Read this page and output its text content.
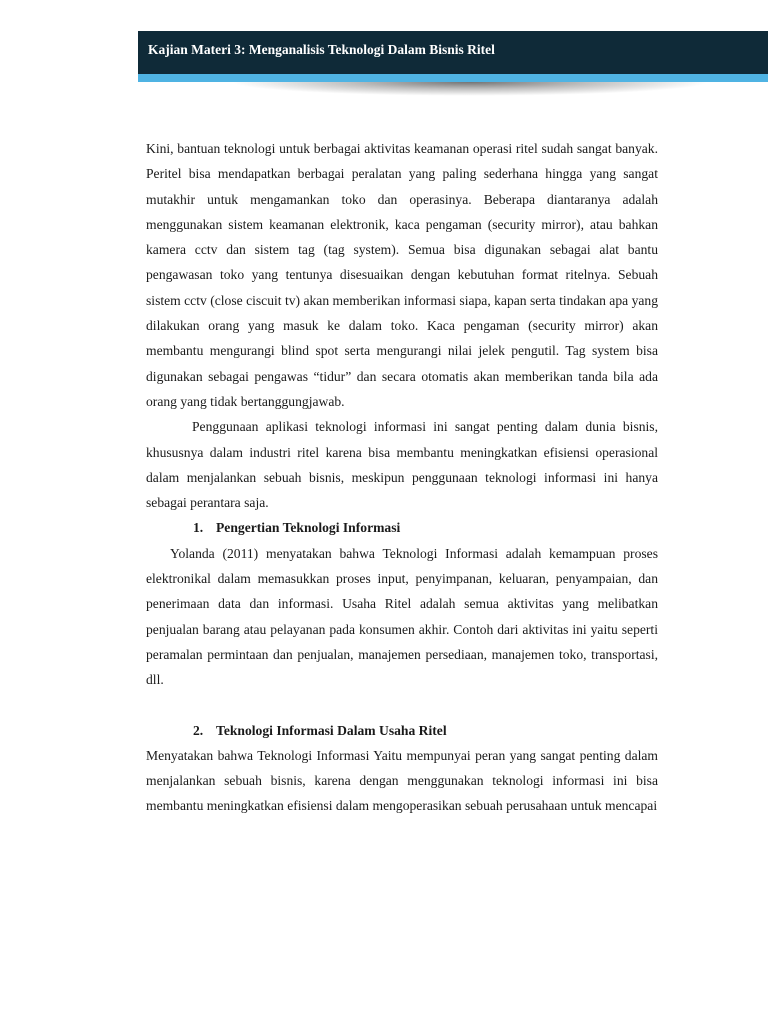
Kajian Materi 3: Menganalisis Teknologi Dalam Bisnis Ritel

Kini, bantuan teknologi untuk berbagai aktivitas keamanan operasi ritel sudah sangat banyak. Peritel bisa mendapatkan berbagai peralatan yang paling sederhana hingga yang sangat mutakhir untuk mengamankan toko dan operasinya. Beberapa diantaranya adalah menggunakan sistem keamanan elektronik, kaca pengaman (security mirror), atau bahkan kamera cctv dan sistem tag (tag system). Semua bisa digunakan sebagai alat bantu pengawasan toko yang tentunya disesuaikan dengan kebutuhan format ritelnya. Sebuah sistem cctv (close ciscuit tv) akan memberikan informasi siapa, kapan serta tindakan apa yang dilakukan orang yang masuk ke dalam toko. Kaca pengaman (security mirror) akan membantu mengurangi blind spot serta mengurangi nilai jelek pengutil. Tag system bisa digunakan sebagai pengawas “tidur” dan secara otomatis akan memberikan tanda bila ada orang yang tidak bertanggungjawab.

Penggunaan aplikasi teknologi informasi ini sangat penting dalam dunia bisnis, khususnya dalam industri ritel karena bisa membantu meningkatkan efisiensi operasional dalam menjalankan sebuah bisnis, meskipun penggunaan teknologi informasi ini hanya sebagai perantara saja.

1. Pengertian Teknologi Informasi

Yolanda (2011) menyatakan bahwa Teknologi Informasi adalah kemampuan proses elektronikal dalam memasukkan proses input, penyimpanan, keluaran, penyampaian, dan penerimaan data dan informasi. Usaha Ritel adalah semua aktivitas yang melibatkan penjualan barang atau pelayanan pada konsumen akhir. Contoh dari aktivitas ini yaitu seperti peramalan permintaan dan penjualan, manajemen persediaan, manajemen toko, transportasi, dll.

2. Teknologi Informasi Dalam Usaha Ritel

Menyatakan bahwa Teknologi Informasi Yaitu mempunyai peran yang sangat penting dalam menjalankan sebuah bisnis, karena dengan menggunakan teknologi informasi ini bisa membantu meningkatkan efisiensi dalam mengoperasikan sebuah perusahaan untuk mencapai
